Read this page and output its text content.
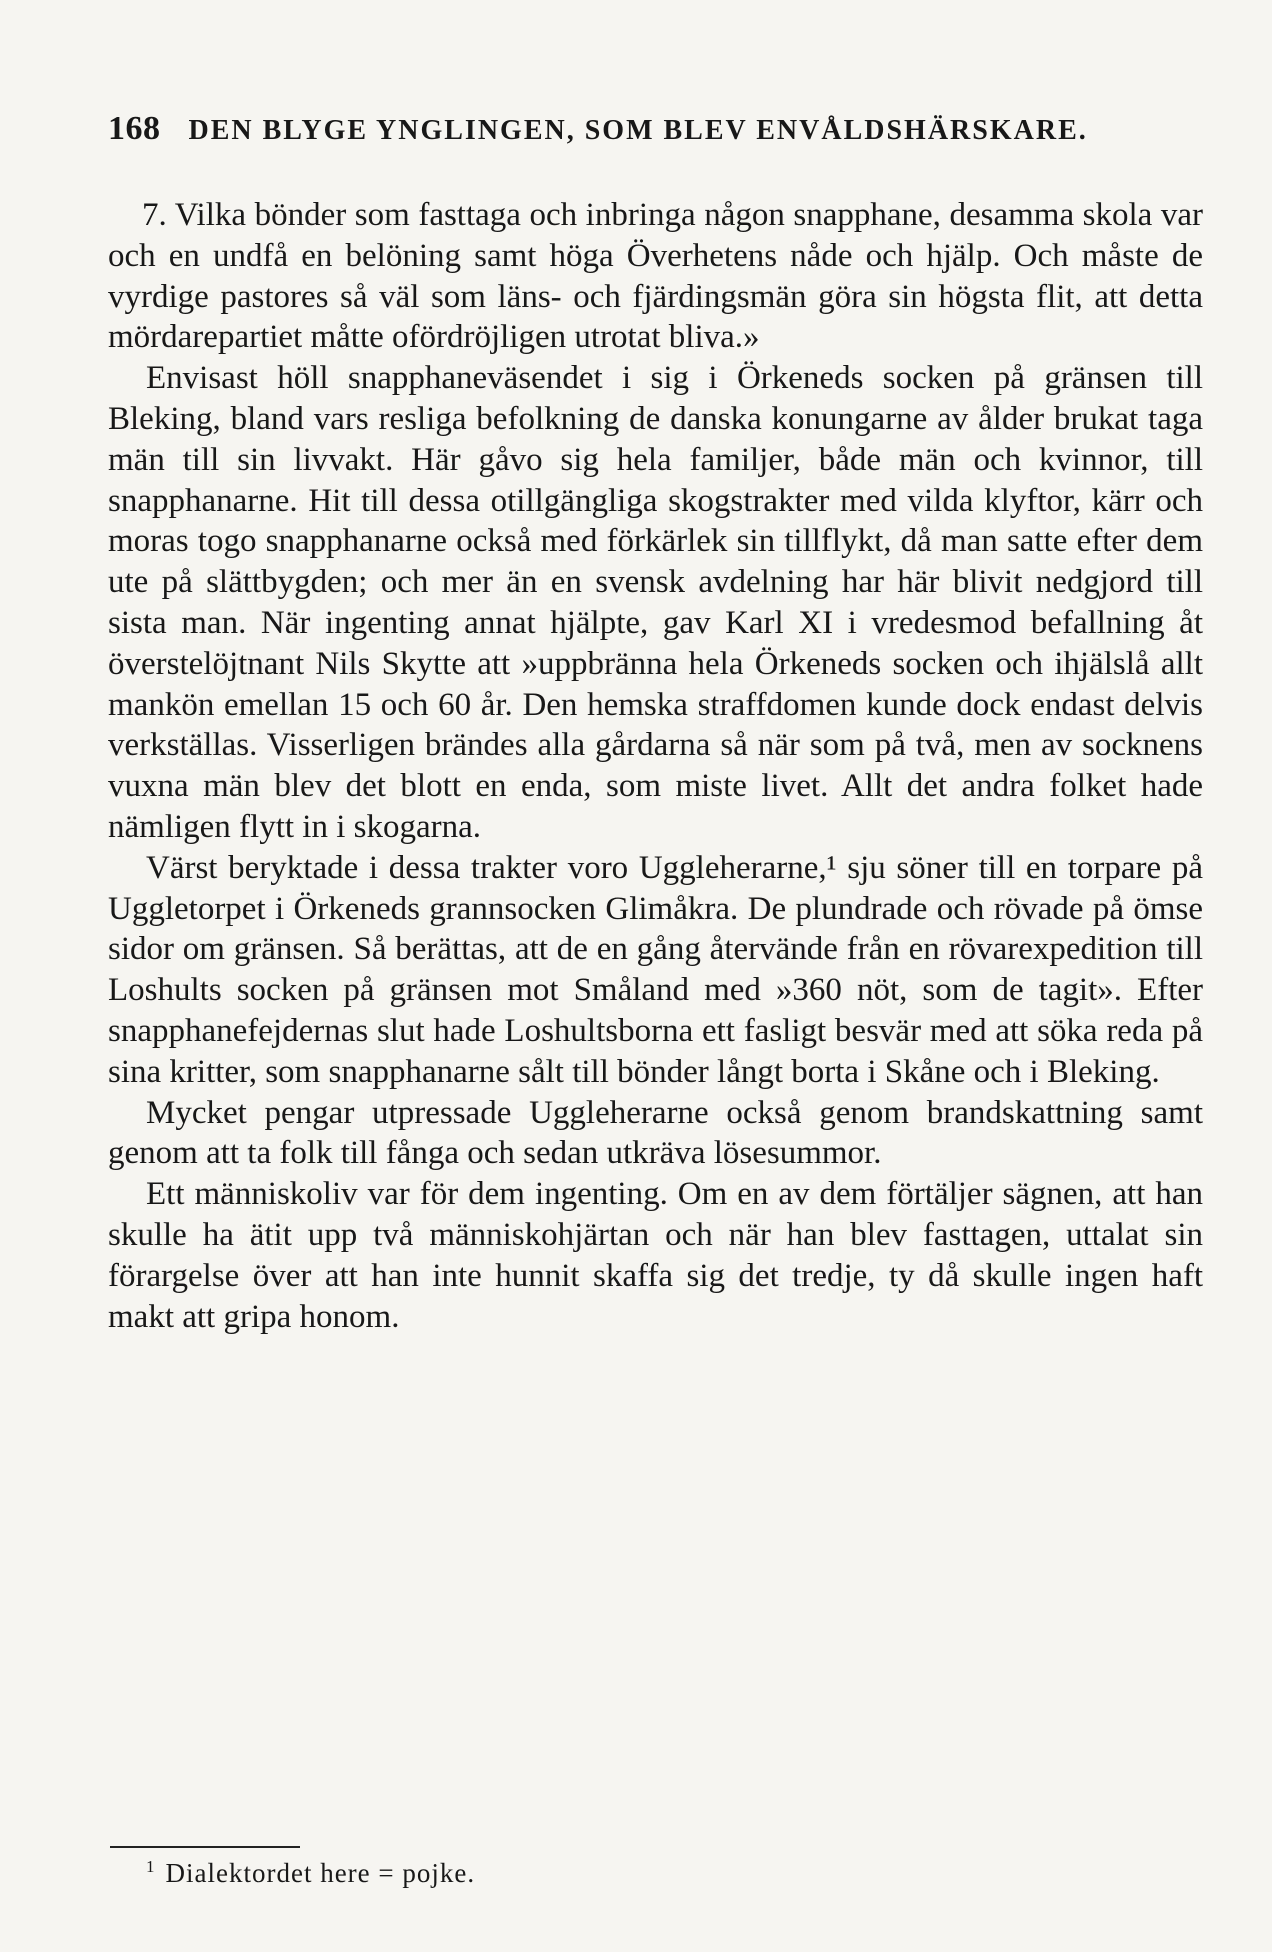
168 DEN BLYGE YNGLINGEN, SOM BLEV ENVÅLDSHÄRSKARE.

7. Vilka bönder som fasttaga och inbringa någon snapphane, desamma skola var och en undfå en belöning samt höga Överhetens nåde och hjälp. Och måste de vyrdige pastores så väl som läns- och fjärdingsmän göra sin högsta flit, att detta mördarepartiet måtte ofördröjligen utrotat bliva.»

Envisast höll snapphaneväsendet i sig i Örkeneds socken på gränsen till Bleking, bland vars resliga befolkning de danska konungarne av ålder brukat taga män till sin livvakt. Här gåvo sig hela familjer, både män och kvinnor, till snapphanarne. Hit till dessa otillgängliga skogstrakter med vilda klyftor, kärr och moras togo snapphanarne också med förkärlek sin tillflykt, då man satte efter dem ute på slättbygden; och mer än en svensk avdelning har här blivit nedgjord till sista man. När ingenting annat hjälpte, gav Karl XI i vredesmod befallning åt överstelöjtnant Nils Skytte att »uppbränna hela Örkeneds socken och ihjälslå allt mankön emellan 15 och 60 år. Den hemska straffdomen kunde dock endast delvis verkställas. Visserligen brändes alla gårdarna så när som på två, men av socknens vuxna män blev det blott en enda, som miste livet. Allt det andra folket hade nämligen flytt in i skogarna.

Värst beryktade i dessa trakter voro Uggleherarne,¹ sju söner till en torpare på Uggletorpet i Örkeneds grannsocken Glimåkra. De plundrade och rövade på ömse sidor om gränsen. Så berättas, att de en gång återvände från en rövarexpedition till Loshults socken på gränsen mot Småland med »360 nöt, som de tagit». Efter snapphanefejdernas slut hade Loshultsborna ett fasligt besvär med att söka reda på sina kritter, som snapphanarne sålt till bönder långt borta i Skåne och i Bleking.

Mycket pengar utpressade Uggleherarne också genom brandskattning samt genom att ta folk till fånga och sedan utkräva lösesummor.

Ett människoliv var för dem ingenting. Om en av dem förtäljer sägnen, att han skulle ha ätit upp två människohjärtan och när han blev fasttagen, uttalat sin förargelse över att han inte hunnit skaffa sig det tredje, ty då skulle ingen haft makt att gripa honom.

$^1$ Dialektordet here = pojke.
